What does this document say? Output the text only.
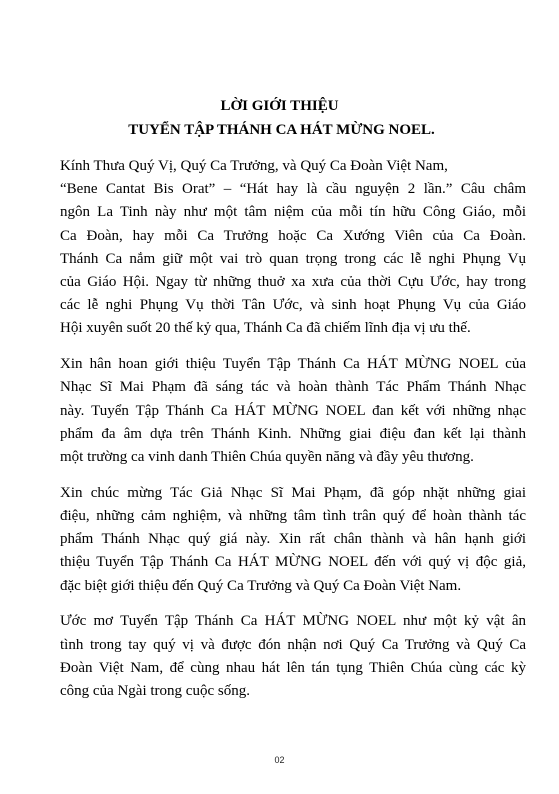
LỜI GIỚI THIỆU
TUYỂN TẬP THÁNH CA HÁT MỪNG NOEL.

Kính Thưa Quý Vị, Quý Ca Trưởng, và Quý Ca Đoàn Việt Nam,
“Bene Cantat Bis Orat” – “Hát hay là cầu nguyện 2 lần.” Câu châm
ngôn La Tinh này như một tâm niệm của mỗi tín hữu Công Giáo, mỗi
Ca Đoàn, hay mỗi Ca Trưởng hoặc Ca Xướng Viên của Ca Đoàn.
Thánh Ca nắm giữ một vai trò quan trọng trong các lễ nghi Phụng Vụ
của Giáo Hội. Ngay từ những thuở xa xưa của thời Cựu Ước, hay trong
các lễ nghi Phụng Vụ thời Tân Ước, và sinh hoạt Phụng Vụ của Giáo
Hội xuyên suốt 20 thế kỷ qua, Thánh Ca đã chiếm lĩnh địa vị ưu thế.

Xin hân hoan giới thiệu Tuyển Tập Thánh Ca HÁT MỪNG NOEL của
Nhạc Sĩ Mai Phạm đã sáng tác và hoàn thành Tác Phẩm Thánh Nhạc
này. Tuyển Tập Thánh Ca HÁT MỪNG NOEL đan kết với những nhạc
phẩm đa âm dựa trên Thánh Kinh. Những giai điệu đan kết lại thành
một trường ca vinh danh Thiên Chúa quyền năng và đầy yêu thương.

Xin chúc mừng Tác Giả Nhạc Sĩ Mai Phạm, đã góp nhặt những giai
điệu, những cảm nghiệm, và những tâm tình trân quý để hoàn thành tác
phẩm Thánh Nhạc quý giá này. Xin rất chân thành và hân hạnh giới
thiệu Tuyển Tập Thánh Ca HÁT MỪNG NOEL đến với quý vị độc giả,
đặc biệt giới thiệu đến Quý Ca Trưởng và Quý Ca Đoàn Việt Nam.

Ước mơ Tuyển Tập Thánh Ca HÁT MỪNG NOEL như một kỷ vật ân
tình trong tay quý vị và được đón nhận nơi Quý Ca Trưởng và Quý Ca
Đoàn Việt Nam, để cùng nhau hát lên tán tụng Thiên Chúa cùng các kỳ
công của Ngài trong cuộc sống.

02
